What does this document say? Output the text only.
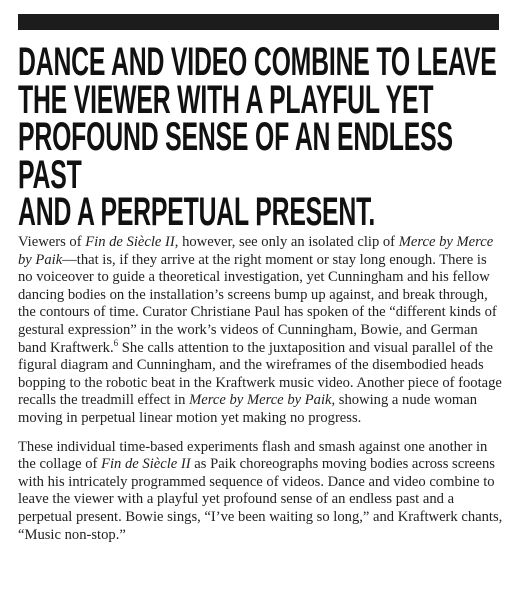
DANCE AND VIDEO COMBINE TO LEAVE
THE VIEWER WITH A PLAYFUL YET
PROFOUND SENSE OF AN ENDLESS PAST
AND A PERPETUAL PRESENT.

Viewers of Fin de Siècle II, however, see only an isolated clip of Merce by Merce by Paik—that is, if they arrive at the right moment or stay long enough. There is no voiceover to guide a theoretical investigation, yet Cunningham and his fellow dancing bodies on the installation’s screens bump up against, and break through, the contours of time. Curator Christiane Paul has spoken of the “different kinds of gestural expression” in the work’s videos of Cunningham, Bowie, and German band Kraftwerk.$^6$ She calls attention to the juxtaposition and visual parallel of the figural diagram and Cunningham, and the wireframes of the disembodied heads bopping to the robotic beat in the Kraftwerk music video. Another piece of footage recalls the treadmill effect in Merce by Merce by Paik, showing a nude woman moving in perpetual linear motion yet making no progress.

These individual time-based experiments flash and smash against one another in the collage of Fin de Siècle II as Paik choreographs moving bodies across screens with his intricately programmed sequence of videos. Dance and video combine to leave the viewer with a playful yet profound sense of an endless past and a perpetual present. Bowie sings, “I’ve been waiting so long,” and Kraftwerk chants, “Music non-stop.”
